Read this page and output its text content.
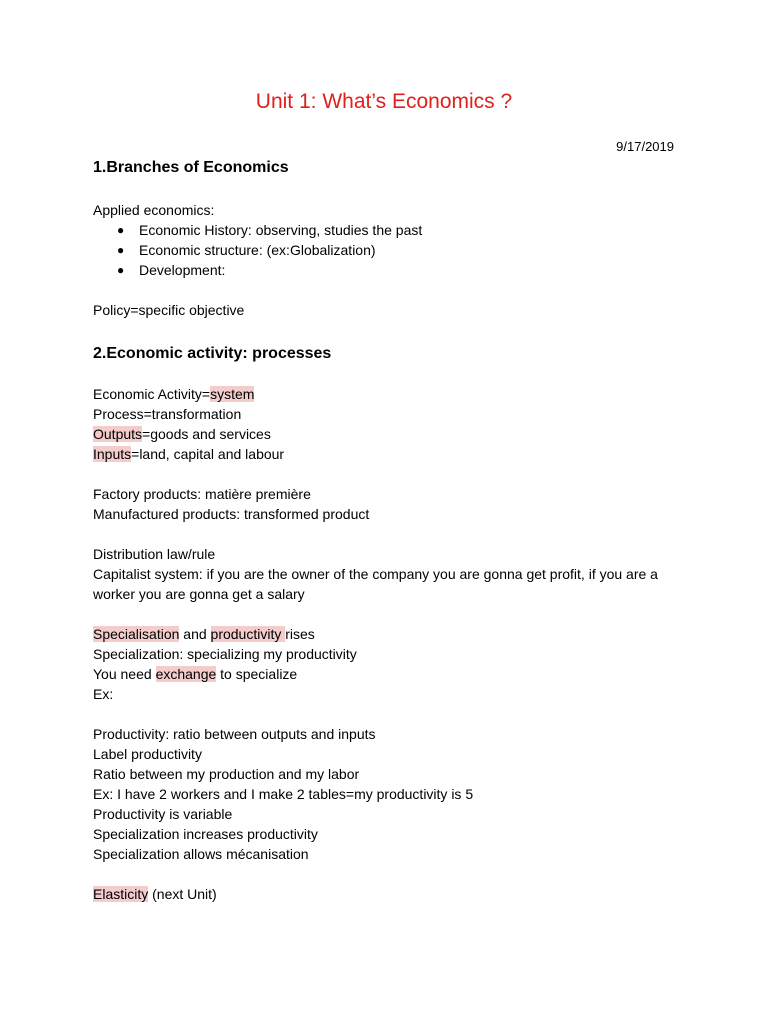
Unit 1: What’s Economics ?
9/17/2019

1.Branches of Economics

Applied economics:

● Economic History: observing, studies the past
● Economic structure: (ex:Globalization)
● Development:

Policy=specific objective

2.Economic activity: processes

Economic Activity=system

Process=transformation

Outputs=goods and services

Inputs=land, capital and labour

Factory products: matière première

Manufactured products: transformed product

Distribution law/rule

Capitalist system: if you are the owner of the company you are gonna get profit, if you are a worker you are gonna get a salary

Specialisation and productivity rises

Specialization: specializing my productivity

You need exchange to specialize

Ex:

Productivity: ratio between outputs and inputs

Label productivity

Ratio between my production and my labor

Ex: I have 2 workers and I make 2 tables=my productivity is 5

Productivity is variable

Specialization increases productivity

Specialization allows mécanisation

Elasticity (next Unit)
